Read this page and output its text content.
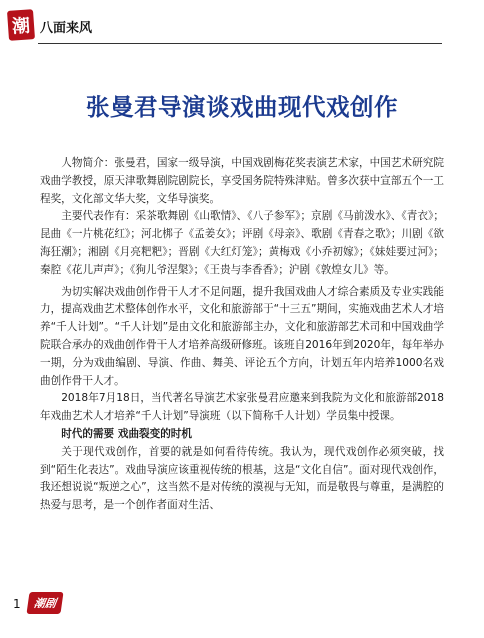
潮 八面来风
张曼君导演谈戏曲现代戏创作

人物简介：张曼君，国家一级导演，中国戏剧梅花奖表演艺术家，中国艺术研究院戏曲学教授，原天津歌舞剧院剧院长，享受国务院特殊津贴。曾多次获中宣部五个一工程奖，文化部文华大奖，文华导演奖。

主要代表作有：采茶歌舞剧《山歌情》、《八子参军》；京剧《马前泼水》、《青衣》；昆曲《一片桃花红》；河北梆子《孟姜女》；评剧《母亲》、歌剧《青春之歌》；川剧《欲海狂潮》；湘剧《月亮粑粑》；晋剧《大红灯笼》；黄梅戏《小乔初嫁》；《妹娃要过河》；秦腔《花儿声声》；《狗儿爷涅槃》；《王贵与李香香》；沪剧《敦煌女儿》等。

为切实解决戏曲创作骨干人才不足问题，提升我国戏曲人才综合素质及专业实践能力，提高戏曲艺术整体创作水平，文化和旅游部于“十三五”期间，实施戏曲艺术人才培养“千人计划”。“千人计划”是由文化和旅游部主办，文化和旅游部艺术司和中国戏曲学院联合承办的戏曲创作骨干人才培养高级研修班。该班自2016年到2020年，每年举办一期，分为戏曲编剧、导演、作曲、舞美、评论五个方向，计划五年内培养1000名戏曲创作骨干人才。

2018年7月18日，当代著名导演艺术家张曼君应邀来到我院为文化和旅游部2018年戏曲艺术人才培养“千人计划”导演班（以下简称千人计划）学员集中授课。

时代的需要 戏曲裂变的时机

关于现代戏创作，首要的就是如何看待传统。我认为，现代戏创作必须突破，找到“陌生化表达”。戏曲导演应该重视传统的根基，这是“文化自信”。面对现代戏创作，我还想说说“叛逆之心”，这当然不是对传统的漠视与无知，而是敬畏与尊重，是满腔的热爱与思考，是一个创作者面对生活、

1	潮剧
